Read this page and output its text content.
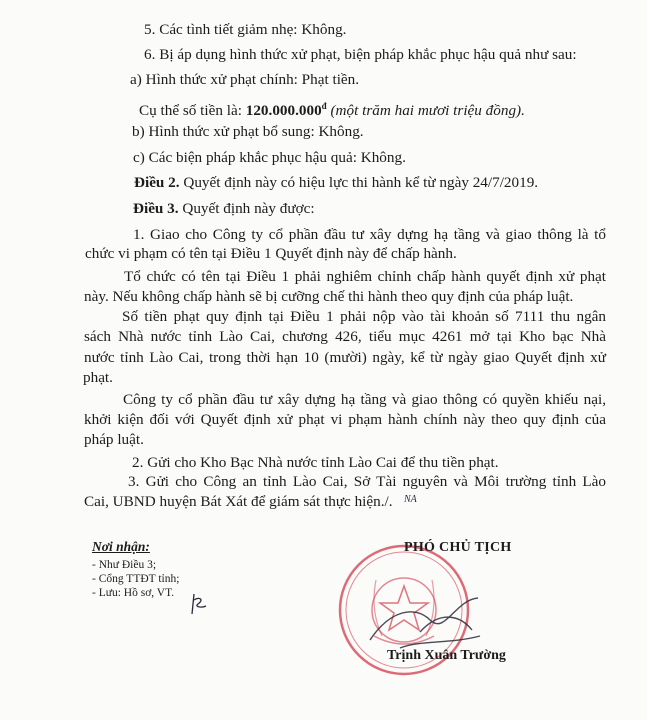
5. Các tình tiết giảm nhẹ: Không.

6. Bị áp dụng hình thức xử phạt, biện pháp khắc phục hậu quả như sau:

a) Hình thức xử phạt chính: Phạt tiền.

Cụ thể số tiền là: $120.000.000^đ$ (một trăm hai mươi triệu đồng).

b) Hình thức xử phạt bổ sung: Không.

c) Các biện pháp khắc phục hậu quả: Không.

Điều 2. Quyết định này có hiệu lực thi hành kể từ ngày 24/7/2019.

Điều 3. Quyết định này được:

1. Giao cho Công ty cổ phần đầu tư xây dựng hạ tầng và giao thông là tổ

chức vi phạm có tên tại Điều 1 Quyết định này để chấp hành.

Tổ chức có tên tại Điều 1 phải nghiêm chỉnh chấp hành quyết định xử phạt

này. Nếu không chấp hành sẽ bị cưỡng chế thi hành theo quy định của pháp luật.

Số tiền phạt quy định tại Điều 1 phải nộp vào tài khoản số 7111 thu ngân

sách Nhà nước tỉnh Lào Cai, chương 426, tiểu mục 4261 mở tại Kho bạc Nhà

nước tỉnh Lào Cai, trong thời hạn 10 (mười) ngày, kể từ ngày giao Quyết định xử

phạt.

Công ty cổ phần đầu tư xây dựng hạ tầng và giao thông có quyền khiếu nại,

khởi kiện đối với Quyết định xử phạt vi phạm hành chính này theo quy định của

pháp luật.

2. Gửi cho Kho Bạc Nhà nước tỉnh Lào Cai để thu tiền phạt.

3. Gửi cho Công an tỉnh Lào Cai, Sở Tài nguyên và Môi trường tỉnh Lào

Cai, UBND huyện Bát Xát để giám sát thực hiện./. NA
Nơi nhận:
- Như Điều 3;
- Cổng TTĐT tỉnh;
- Lưu: Hồ sơ, VT.
PHÓ CHỦ TỊCH
Trịnh Xuân Trường
